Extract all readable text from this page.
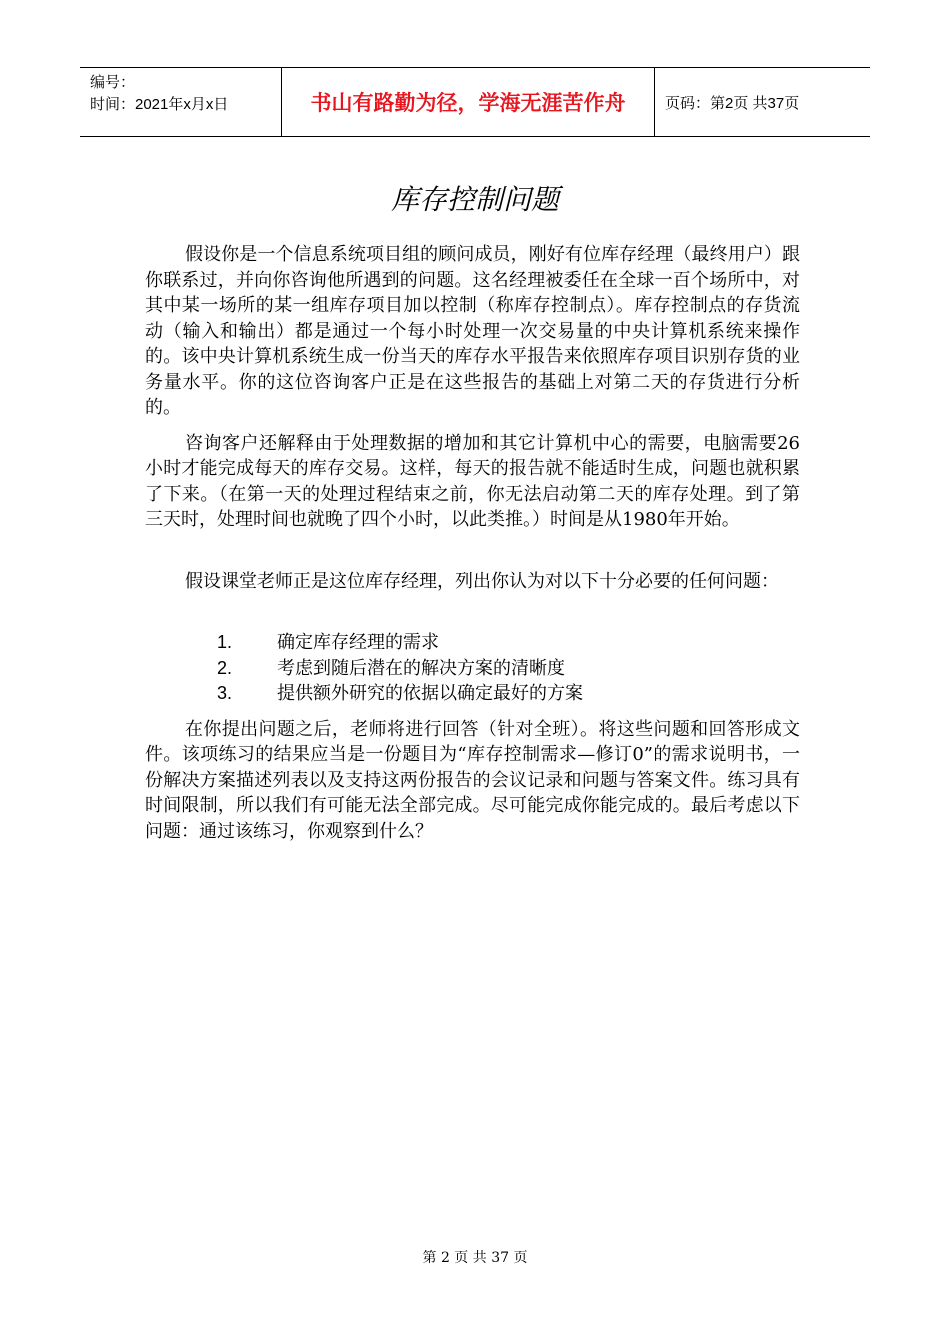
编号：
时间：2021年x月x日	书山有路勤为径，学海无涯苦作舟	页码：第2页 共37页
库存控制问题

假设你是一个信息系统项目组的顾问成员，刚好有位库存经理（最终用户）跟你联系过，并向你咨询他所遇到的问题。这名经理被委任在全球一百个场所中，对其中某一场所的某一组库存项目加以控制（称库存控制点）。库存控制点的存货流动（输入和输出）都是通过一个每小时处理一次交易量的中央计算机系统来操作的。该中央计算机系统生成一份当天的库存水平报告来依照库存项目识别存货的业务量水平。你的这位咨询客户正是在这些报告的基础上对第二天的存货进行分析的。

咨询客户还解释由于处理数据的增加和其它计算机中心的需要，电脑需要26小时才能完成每天的库存交易。这样，每天的报告就不能适时生成，问题也就积累了下来。（在第一天的处理过程结束之前，你无法启动第二天的库存处理。到了第三天时，处理时间也就晚了四个小时，以此类推。）时间是从1980年开始。

假设课堂老师正是这位库存经理，列出你认为对以下十分必要的任何问题：

1.	确定库存经理的需求
2.	考虑到随后潜在的解决方案的清晰度
3.	提供额外研究的依据以确定最好的方案

在你提出问题之后，老师将进行回答（针对全班）。将这些问题和回答形成文件。该项练习的结果应当是一份题目为“库存控制需求—修订0”的需求说明书，一份解决方案描述列表以及支持这两份报告的会议记录和问题与答案文件。练习具有时间限制，所以我们有可能无法全部完成。尽可能完成你能完成的。最后考虑以下问题：通过该练习，你观察到什么？

第 2 页 共 37 页
